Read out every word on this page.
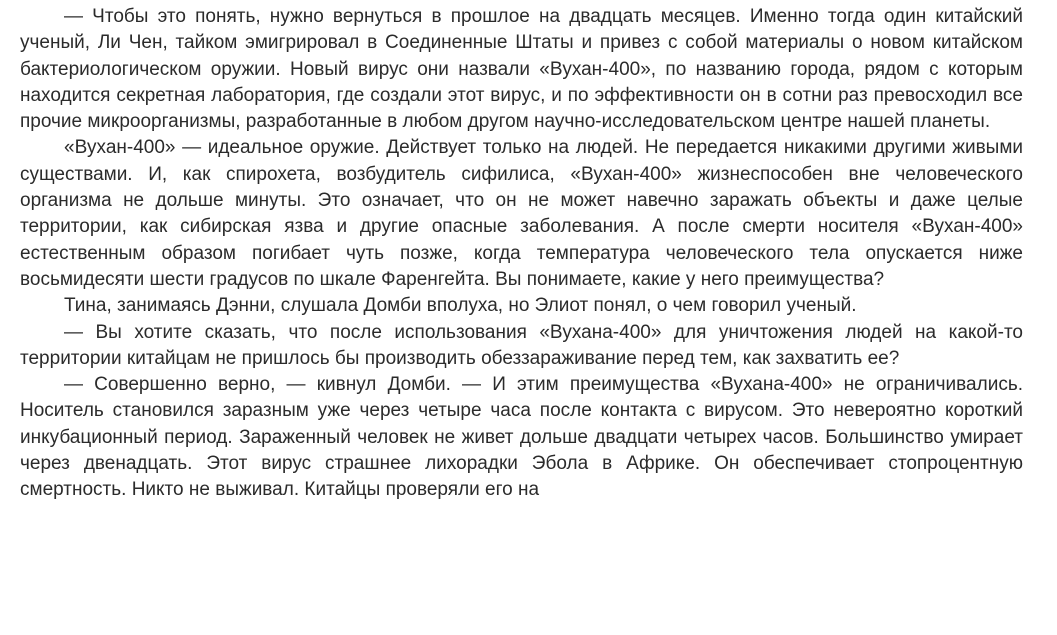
— Чтобы это понять, нужно вернуться в прошлое на двадцать месяцев. Именно тогда один китайский ученый, Ли Чен, тайком эмигрировал в Соединенные Штаты и привез с собой материалы о новом китайском бактериологическом оружии. Новый вирус они назвали «Вухан-400», по названию города, рядом с которым находится секретная лаборатория, где создали этот вирус, и по эффективности он в сотни раз превосходил все прочие микроорганизмы, разработанные в любом другом научно-исследовательском центре нашей планеты.

«Вухан-400» — идеальное оружие. Действует только на людей. Не передается никакими другими живыми существами. И, как спирохета, возбудитель сифилиса, «Вухан-400» жизнеспособен вне человеческого организма не дольше минуты. Это означает, что он не может навечно заражать объекты и даже целые территории, как сибирская язва и другие опасные заболевания. А после смерти носителя «Вухан-400» естественным образом погибает чуть позже, когда температура человеческого тела опускается ниже восьмидесяти шести градусов по шкале Фаренгейта. Вы понимаете, какие у него преимущества?

Тина, занимаясь Дэнни, слушала Домби вполуха, но Элиот понял, о чем говорил ученый.

— Вы хотите сказать, что после использования «Вухана-400» для уничтожения людей на какой-то территории китайцам не пришлось бы производить обеззараживание перед тем, как захватить ее?

— Совершенно верно, — кивнул Домби. — И этим преимущества «Вухана-400» не ограничивались. Носитель становился заразным уже через четыре часа после контакта с вирусом. Это невероятно короткий инкубационный период. Зараженный человек не живет дольше двадцати четырех часов. Большинство умирает через двенадцать. Этот вирус страшнее лихорадки Эбола в Африке. Он обеспечивает стопроцентную смертность. Никто не выживал. Китайцы проверяли его на
